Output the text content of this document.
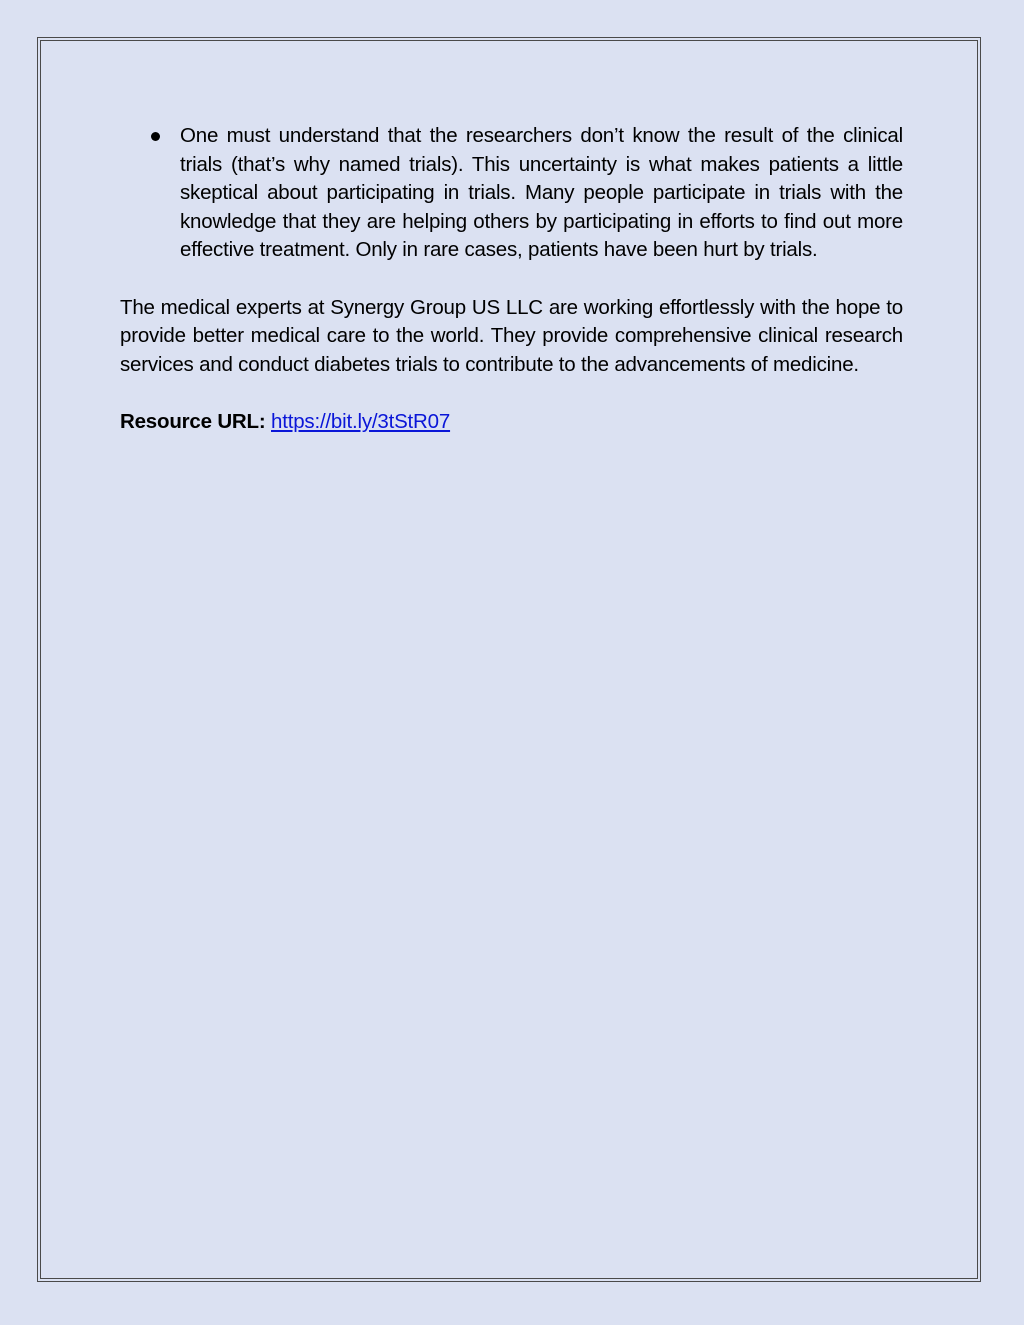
One must understand that the researchers don’t know the result of the clinical trials (that’s why named trials). This uncertainty is what makes patients a little skeptical about participating in trials. Many people participate in trials with the knowledge that they are helping others by participating in efforts to find out more effective treatment. Only in rare cases, patients have been hurt by trials.

The medical experts at Synergy Group US LLC are working effortlessly with the hope to provide better medical care to the world. They provide comprehensive clinical research services and conduct diabetes trials to contribute to the advancements of medicine.

Resource URL: https://bit.ly/3tStR07
